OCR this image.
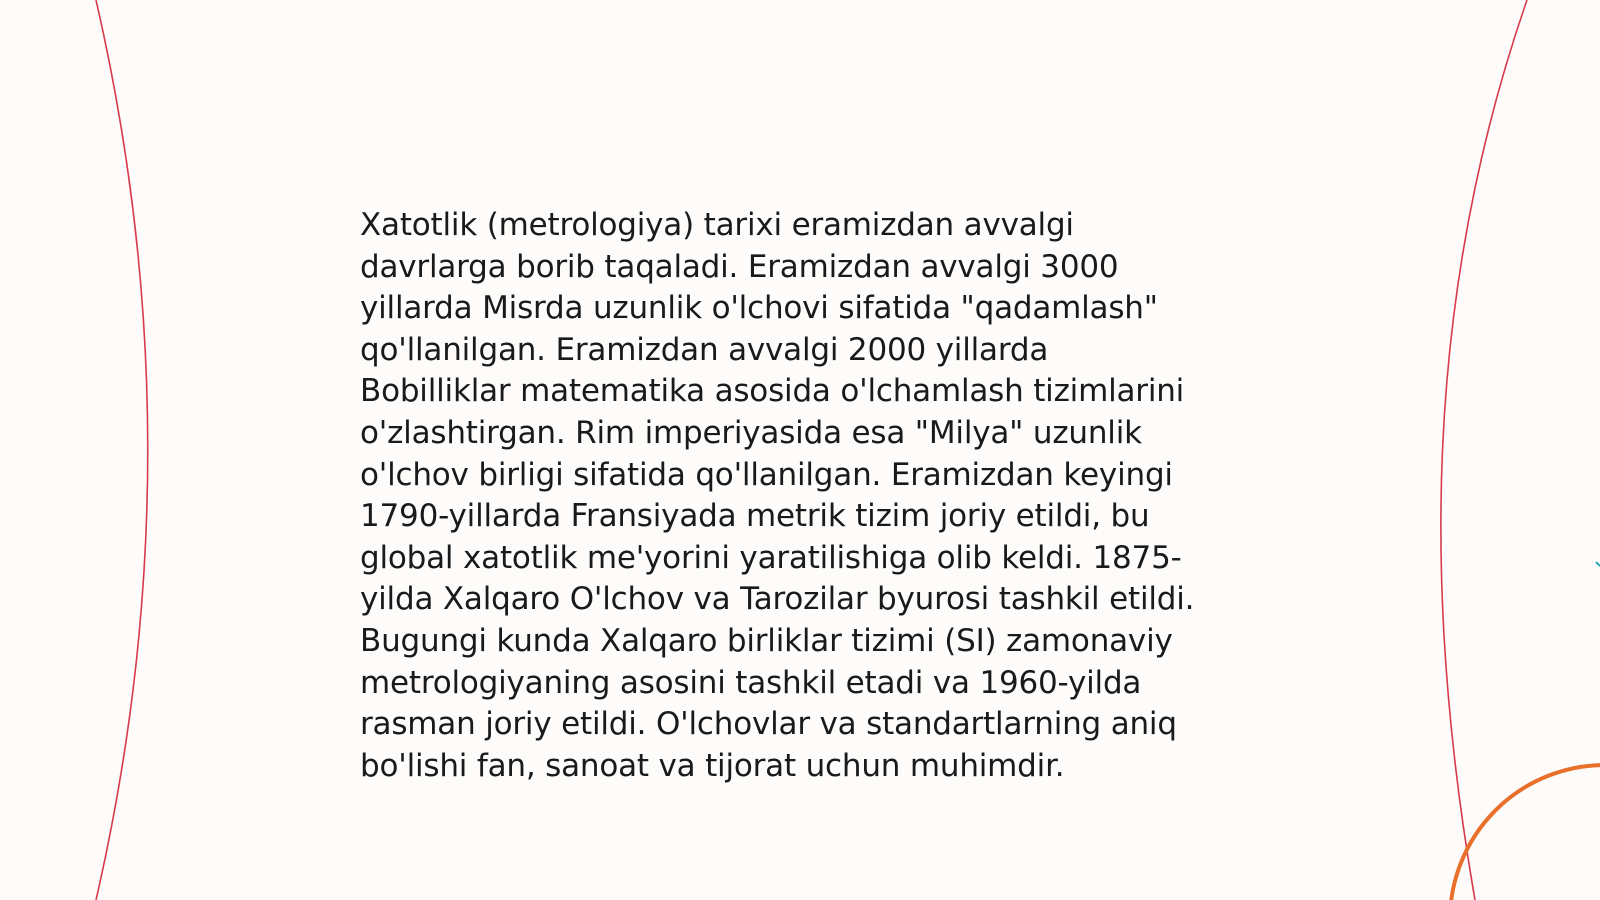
Xatotlik (metrologiya) tarixi eramizdan avvalgi
davrlarga borib taqaladi. Eramizdan avvalgi 3000
yillarda Misrda uzunlik o'lchovi sifatida "qadamlash"
qo'llanilgan. Eramizdan avvalgi 2000 yillarda
Bobilliklar matematika asosida o'lchamlash tizimlarini
o'zlashtirgan. Rim imperiyasida esa "Milya" uzunlik
o'lchov birligi sifatida qo'llanilgan. Eramizdan keyingi
1790-yillarda Fransiyada metrik tizim joriy etildi, bu
global xatotlik me'yorini yaratilishiga olib keldi. 1875-
yilda Xalqaro O'lchov va Tarozilar byurosi tashkil etildi.
Bugungi kunda Xalqaro birliklar tizimi (SI) zamonaviy
metrologiyaning asosini tashkil etadi va 1960-yilda
rasman joriy etildi. O'lchovlar va standartlarning aniq
bo'lishi fan, sanoat va tijorat uchun muhimdir.
